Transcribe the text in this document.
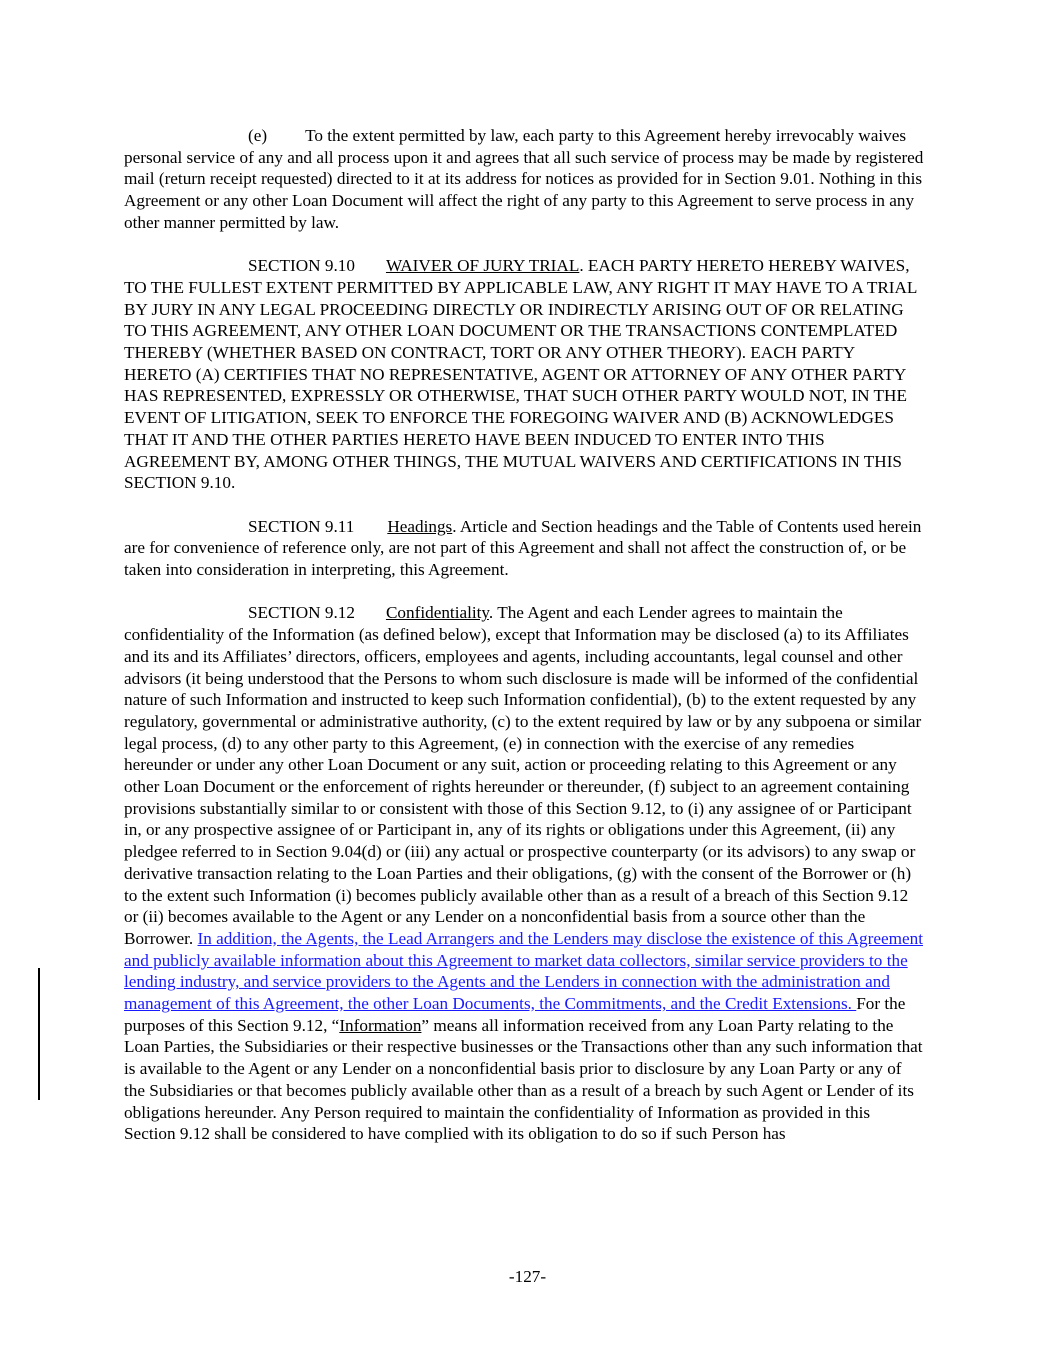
(e) To the extent permitted by law, each party to this Agreement hereby irrevocably waives personal service of any and all process upon it and agrees that all such service of process may be made by registered mail (return receipt requested) directed to it at its address for notices as provided for in Section 9.01. Nothing in this Agreement or any other Loan Document will affect the right of any party to this Agreement to serve process in any other manner permitted by law.

SECTION 9.10 WAIVER OF JURY TRIAL. EACH PARTY HERETO HEREBY WAIVES, TO THE FULLEST EXTENT PERMITTED BY APPLICABLE LAW, ANY RIGHT IT MAY HAVE TO A TRIAL BY JURY IN ANY LEGAL PROCEEDING DIRECTLY OR INDIRECTLY ARISING OUT OF OR RELATING TO THIS AGREEMENT, ANY OTHER LOAN DOCUMENT OR THE TRANSACTIONS CONTEMPLATED THEREBY (WHETHER BASED ON CONTRACT, TORT OR ANY OTHER THEORY). EACH PARTY HERETO (A) CERTIFIES THAT NO REPRESENTATIVE, AGENT OR ATTORNEY OF ANY OTHER PARTY HAS REPRESENTED, EXPRESSLY OR OTHERWISE, THAT SUCH OTHER PARTY WOULD NOT, IN THE EVENT OF LITIGATION, SEEK TO ENFORCE THE FOREGOING WAIVER AND (B) ACKNOWLEDGES THAT IT AND THE OTHER PARTIES HERETO HAVE BEEN INDUCED TO ENTER INTO THIS AGREEMENT BY, AMONG OTHER THINGS, THE MUTUAL WAIVERS AND CERTIFICATIONS IN THIS SECTION 9.10.

SECTION 9.11 Headings. Article and Section headings and the Table of Contents used herein are for convenience of reference only, are not part of this Agreement and shall not affect the construction of, or be taken into consideration in interpreting, this Agreement.

SECTION 9.12 Confidentiality. The Agent and each Lender agrees to maintain the confidentiality of the Information (as defined below), except that Information may be disclosed (a) to its Affiliates and its and its Affiliates’ directors, officers, employees and agents, including accountants, legal counsel and other advisors (it being understood that the Persons to whom such disclosure is made will be informed of the confidential nature of such Information and instructed to keep such Information confidential), (b) to the extent requested by any regulatory, governmental or administrative authority, (c) to the extent required by law or by any subpoena or similar legal process, (d) to any other party to this Agreement, (e) in connection with the exercise of any remedies hereunder or under any other Loan Document or any suit, action or proceeding relating to this Agreement or any other Loan Document or the enforcement of rights hereunder or thereunder, (f) subject to an agreement containing provisions substantially similar to or consistent with those of this Section 9.12, to (i) any assignee of or Participant in, or any prospective assignee of or Participant in, any of its rights or obligations under this Agreement, (ii) any pledgee referred to in Section 9.04(d) or (iii) any actual or prospective counterparty (or its advisors) to any swap or derivative transaction relating to the Loan Parties and their obligations, (g) with the consent of the Borrower or (h) to the extent such Information (i) becomes publicly available other than as a result of a breach of this Section 9.12 or (ii) becomes available to the Agent or any Lender on a nonconfidential basis from a source other than the Borrower. In addition, the Agents, the Lead Arrangers and the Lenders may disclose the existence of this Agreement and publicly available information about this Agreement to market data collectors, similar service providers to the lending industry, and service providers to the Agents and the Lenders in connection with the administration and management of this Agreement, the other Loan Documents, the Commitments, and the Credit Extensions. For the purposes of this Section 9.12, “Information” means all information received from any Loan Party relating to the Loan Parties, the Subsidiaries or their respective businesses or the Transactions other than any such information that is available to the Agent or any Lender on a nonconfidential basis prior to disclosure by any Loan Party or any of the Subsidiaries or that becomes publicly available other than as a result of a breach by such Agent or Lender of its obligations hereunder. Any Person required to maintain the confidentiality of Information as provided in this Section 9.12 shall be considered to have complied with its obligation to do so if such Person has

-127-
